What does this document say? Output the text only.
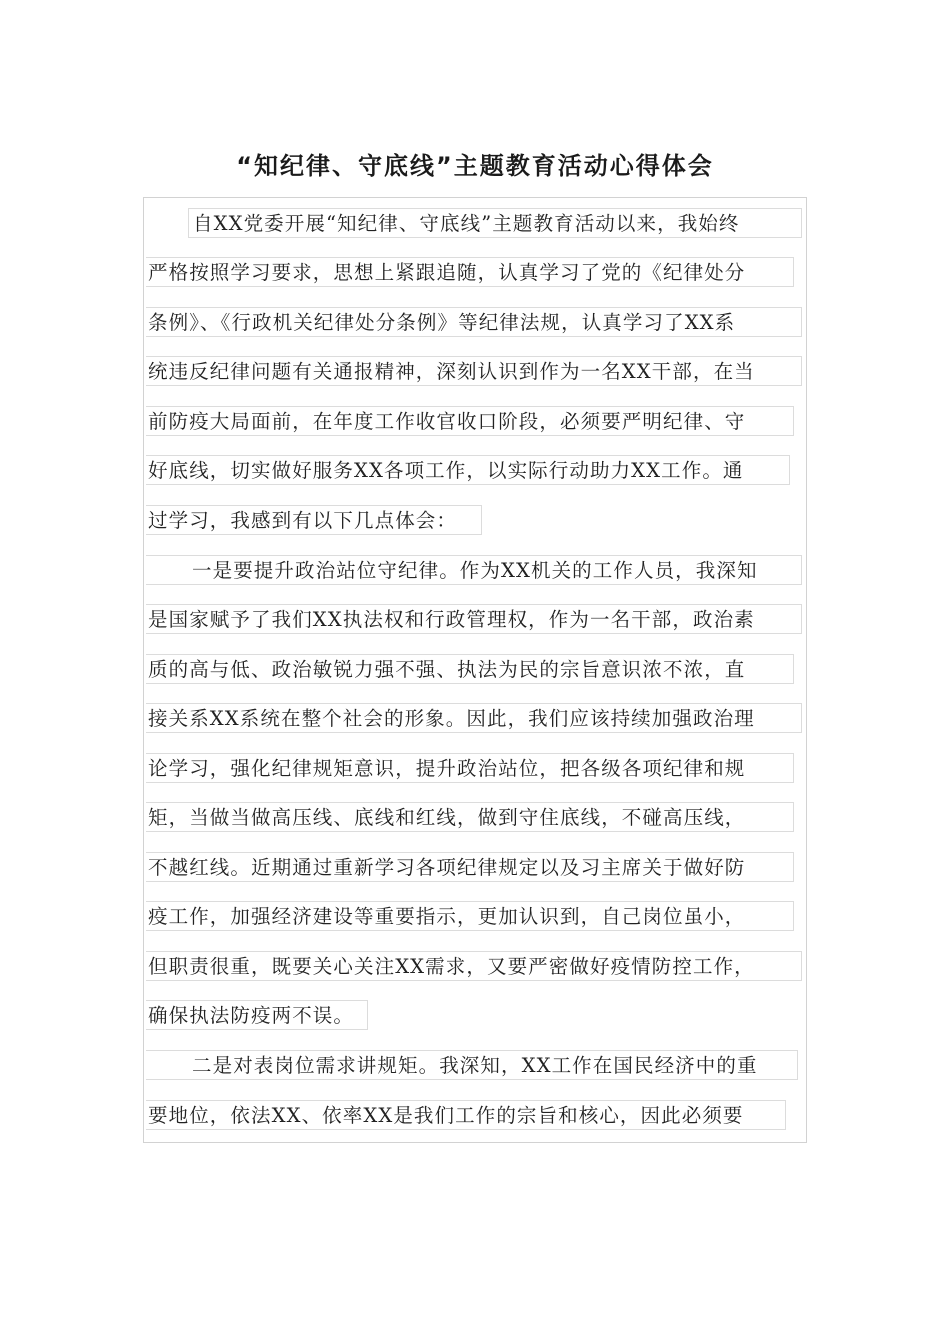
“知纪律、守底线”主题教育活动心得体会
自XX党委开展“知纪律、守底线”主题教育活动以来，我始终
严格按照学习要求，思想上紧跟追随，认真学习了党的《纪律处分
条例》、《行政机关纪律处分条例》等纪律法规，认真学习了XX系
统违反纪律问题有关通报精神，深刻认识到作为一名XX干部，在当
前防疫大局面前，在年度工作收官收口阶段，必须要严明纪律、守
好底线，切实做好服务XX各项工作，以实际行动助力XX工作。通
过学习，我感到有以下几点体会：
一是要提升政治站位守纪律。作为XX机关的工作人员，我深知
是国家赋予了我们XX执法权和行政管理权，作为一名干部，政治素
质的高与低、政治敏锐力强不强、执法为民的宗旨意识浓不浓，直
接关系XX系统在整个社会的形象。因此，我们应该持续加强政治理
论学习，强化纪律规矩意识，提升政治站位，把各级各项纪律和规
矩，当做当做高压线、底线和红线，做到守住底线，不碰高压线，
不越红线。近期通过重新学习各项纪律规定以及习主席关于做好防
疫工作，加强经济建设等重要指示，更加认识到，自己岗位虽小，
但职责很重，既要关心关注XX需求，又要严密做好疫情防控工作，
确保执法防疫两不误。
二是对表岗位需求讲规矩。我深知，XX工作在国民经济中的重
要地位，依法XX、依率XX是我们工作的宗旨和核心，因此必须要
